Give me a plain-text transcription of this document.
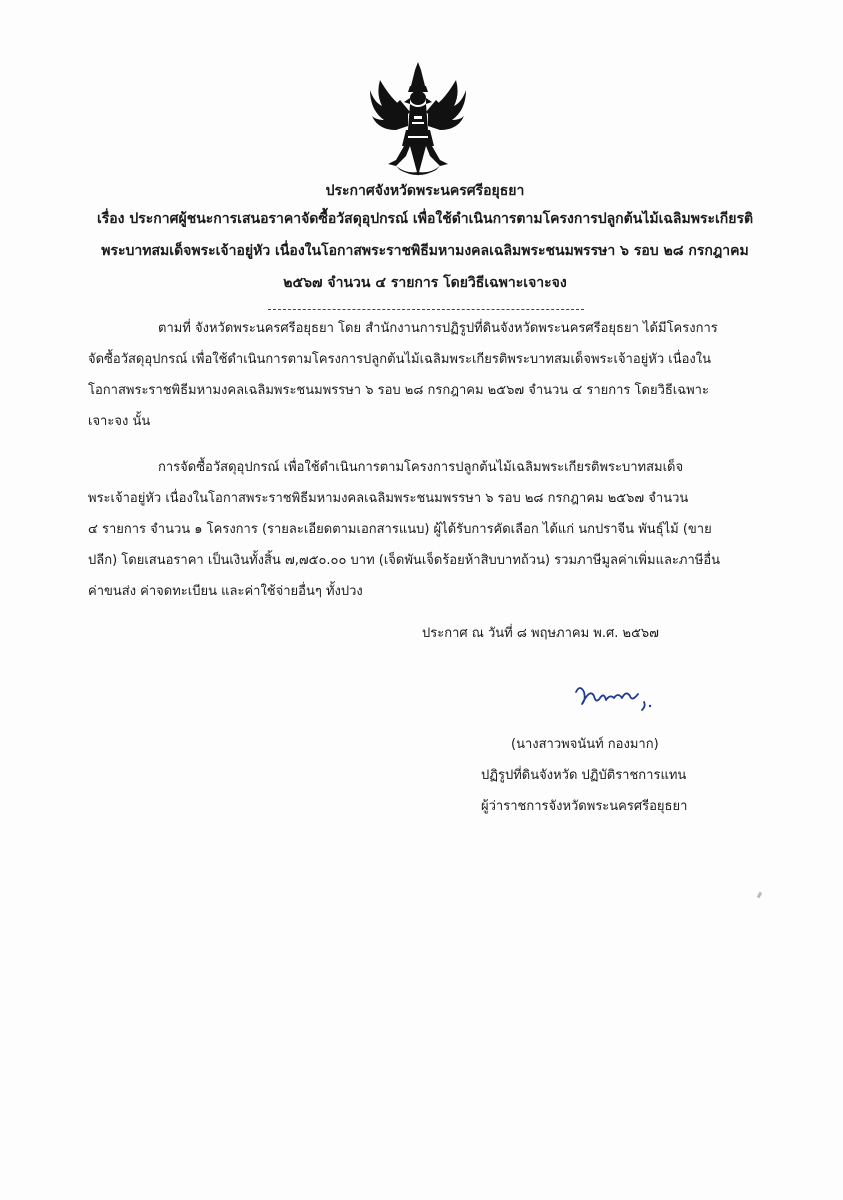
ประกาศจังหวัดพระนครศรีอยุธยา
เรื่อง ประกาศผู้ชนะการเสนอราคาจัดซื้อวัสดุอุปกรณ์ เพื่อใช้ดำเนินการตามโครงการปลูกต้นไม้เฉลิมพระเกียรติ
พระบาทสมเด็จพระเจ้าอยู่หัว เนื่องในโอกาสพระราชพิธีมหามงคลเฉลิมพระชนมพรรษา ๖ รอบ ๒๘ กรกฎาคม
๒๕๖๗ จำนวน ๔ รายการ โดยวิธีเฉพาะเจาะจง
ตามที่ จังหวัดพระนครศรีอยุธยา โดย สำนักงานการปฏิรูปที่ดินจังหวัดพระนครศรีอยุธยา ได้มีโครงการ
จัดซื้อวัสดุอุปกรณ์ เพื่อใช้ดำเนินการตามโครงการปลูกต้นไม้เฉลิมพระเกียรติพระบาทสมเด็จพระเจ้าอยู่หัว เนื่องใน
โอกาสพระราชพิธีมหามงคลเฉลิมพระชนมพรรษา ๖ รอบ ๒๘ กรกฎาคม ๒๕๖๗ จำนวน ๔ รายการ โดยวิธีเฉพาะ
เจาะจง นั้น
การจัดซื้อวัสดุอุปกรณ์ เพื่อใช้ดำเนินการตามโครงการปลูกต้นไม้เฉลิมพระเกียรติพระบาทสมเด็จ
พระเจ้าอยู่หัว เนื่องในโอกาสพระราชพิธีมหามงคลเฉลิมพระชนมพรรษา ๖ รอบ ๒๘ กรกฎาคม ๒๕๖๗ จำนวน
๔ รายการ จำนวน ๑ โครงการ (รายละเอียดตามเอกสารแนบ) ผู้ได้รับการคัดเลือก ได้แก่ นกปราจีน พันธุ์ไม้ (ขาย
ปลีก) โดยเสนอราคา เป็นเงินทั้งสิ้น ๗,๗๕๐.๐๐ บาท (เจ็ดพันเจ็ดร้อยห้าสิบบาทถ้วน) รวมภาษีมูลค่าเพิ่มและภาษีอื่น
ค่าขนส่ง ค่าจดทะเบียน และค่าใช้จ่ายอื่นๆ ทั้งปวง
ประกาศ ณ วันที่ ๘ พฤษภาคม พ.ศ. ๒๕๖๗
(นางสาวพจนันท์ กองมาก)
ปฏิรูปที่ดินจังหวัด ปฏิบัติราชการแทน
ผู้ว่าราชการจังหวัดพระนครศรีอยุธยา
